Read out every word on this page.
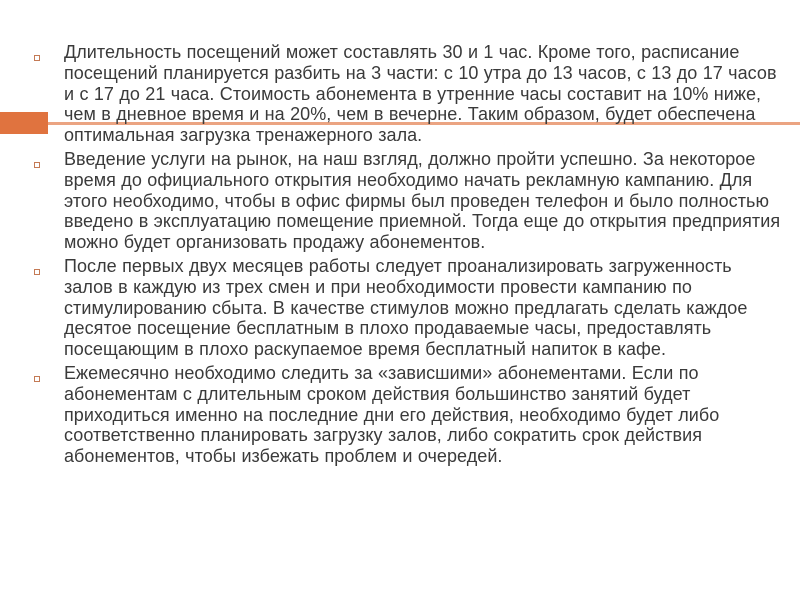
Длительность посещений может составлять 30 и 1 час. Кроме того, расписание посещений планируется разбить на 3 части: с 10 утра до 13 часов, с 13 до 17 часов и с 17 до 21 часа. Стоимость абонемента в утренние часы составит на 10% ниже, чем в дневное время и на 20%, чем в вечерне. Таким образом, будет обеспечена оптимальная загрузка тренажерного зала.
Введение услуги на рынок, на наш взгляд, должно пройти успешно. За некоторое время до официального открытия необходимо начать рекламную кампанию. Для этого необходимо, чтобы в офис фирмы был проведен телефон и было полностью введено в эксплуатацию помещение приемной. Тогда еще до открытия предприятия можно будет организовать продажу абонементов.
После первых двух месяцев работы следует проанализировать загруженность залов в каждую из трех смен и при необходимости провести кампанию по стимулированию сбыта. В качестве стимулов можно предлагать сделать каждое десятое посещение бесплатным в плохо продаваемые часы, предоставлять посещающим в плохо раскупаемое время бесплатный напиток в кафе.
Ежемесячно необходимо следить за «зависшими» абонементами. Если по абонементам с длительным сроком действия большинство занятий будет приходиться именно на последние дни его действия, необходимо будет либо соответственно планировать загрузку залов, либо сократить срок действия абонементов, чтобы избежать проблем и очередей.
